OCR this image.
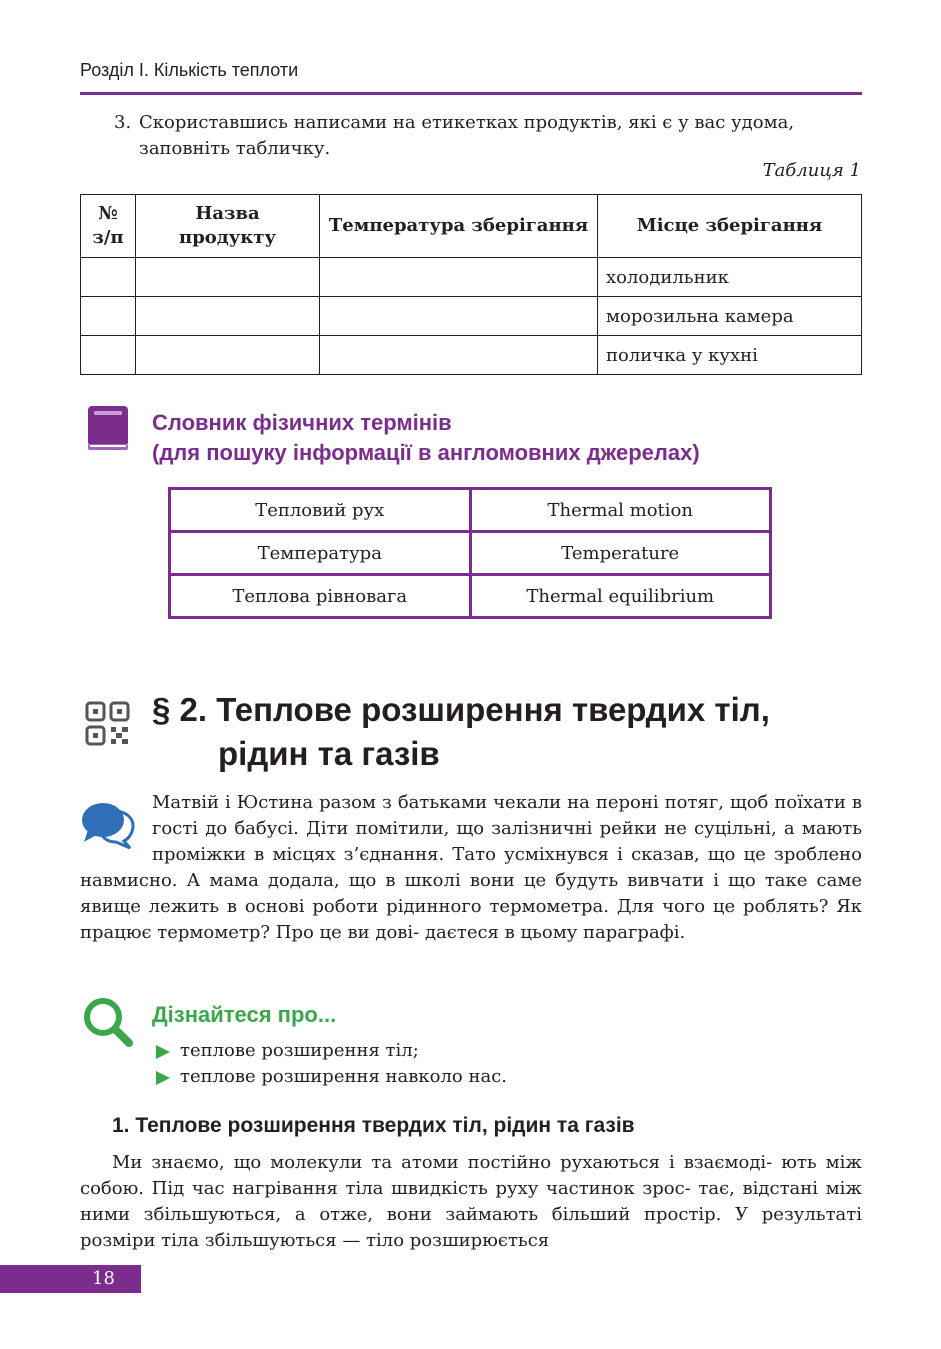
Розділ І. Кількість теплоти
3. Скориставшись написами на етикетках продуктів, які є у вас удома, заповніть табличку.
Таблиця 1
№ з/п	Назва продукту	Температура зберігання	Місце зберігання
			холодильник
			морозильна камера
			поличка у кухні
Словник фізичних термінів
(для пошуку інформації в англомовних джерелах)
Тепловий рух	Thermal motion
Температура	Temperature
Теплова рівновага	Thermal equilibrium
§ 2. Теплове розширення твердих тіл,
рідин та газів
Матвій і Юстина разом з батьками чекали на пероні потяг, щоб поїхати в гості до бабусі. Діти помітили, що залізничні рейки не суцільні, а мають проміжки в місцях з’єднання. Тато усміхнувся і сказав, що це зроблено навмисно. А мама додала, що в школі вони це будуть вивчати і що таке саме явище лежить в основі роботи рідинного термометра. Для чого це роблять? Як працює термометр? Про це ви дові- даєтеся в цьому параграфі.
Дізнайтеся про...
теплове розширення тіл;
теплове розширення навколо нас.
1. Теплове розширення твердих тіл, рідин та газів
Ми знаємо, що молекули та атоми постійно рухаються і взаємоді- ють між собою. Під час нагрівання тіла швидкість руху частинок зрос- тає, відстані між ними збільшуються, а отже, вони займають більший простір. У результаті розміри тіла збільшуються — тіло розширюється
18
